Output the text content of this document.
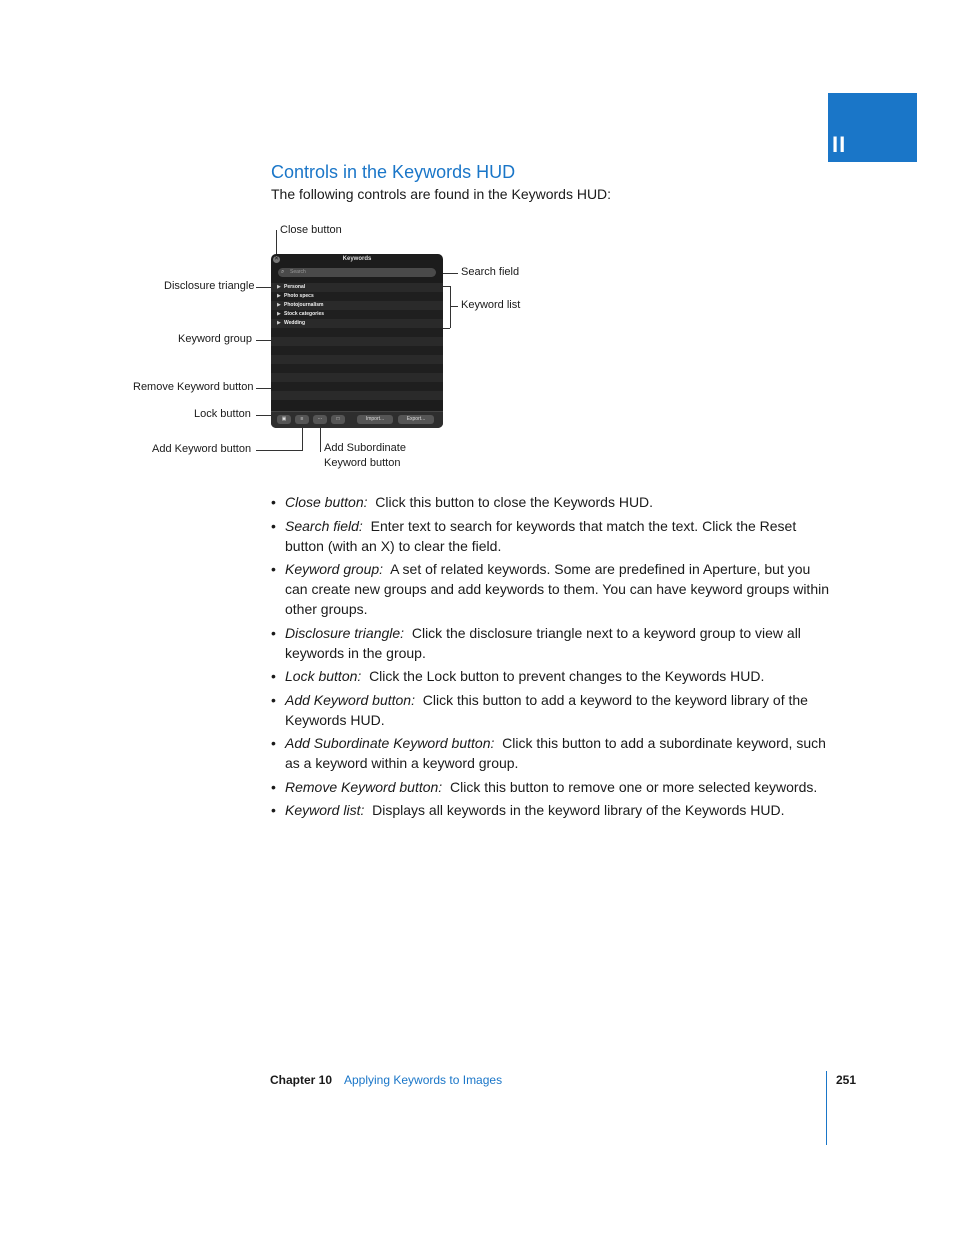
II
Controls in the Keywords HUD

The following controls are found in the Keywords HUD:

Close button
Search field
Disclosure triangle
Keyword list
Keyword group
Remove Keyword button
Lock button
Add Keyword button	Add Subordinate
Keyword button
✕	Keywords
⌕ Search
▶ Personal
▶ Photo specs
▶ Photojournalism
▶ Stock categories
▶ Wedding
▣	≡	⋯	□	Import...	Export...
• Close button: Click this button to close the Keywords HUD.
• Search field: Enter text to search for keywords that match the text. Click the Reset button (with an X) to clear the field.
• Keyword group: A set of related keywords. Some are predefined in Aperture, but you can create new groups and add keywords to them. You can have keyword groups within other groups.
• Disclosure triangle: Click the disclosure triangle next to a keyword group to view all keywords in the group.
• Lock button: Click the Lock button to prevent changes to the Keywords HUD.
• Add Keyword button: Click this button to add a keyword to the keyword library of the Keywords HUD.
• Add Subordinate Keyword button: Click this button to add a subordinate keyword, such as a keyword within a keyword group.
• Remove Keyword button: Click this button to remove one or more selected keywords.
• Keyword list: Displays all keywords in the keyword library of the Keywords HUD.
Chapter 10 Applying Keywords to Images	251
